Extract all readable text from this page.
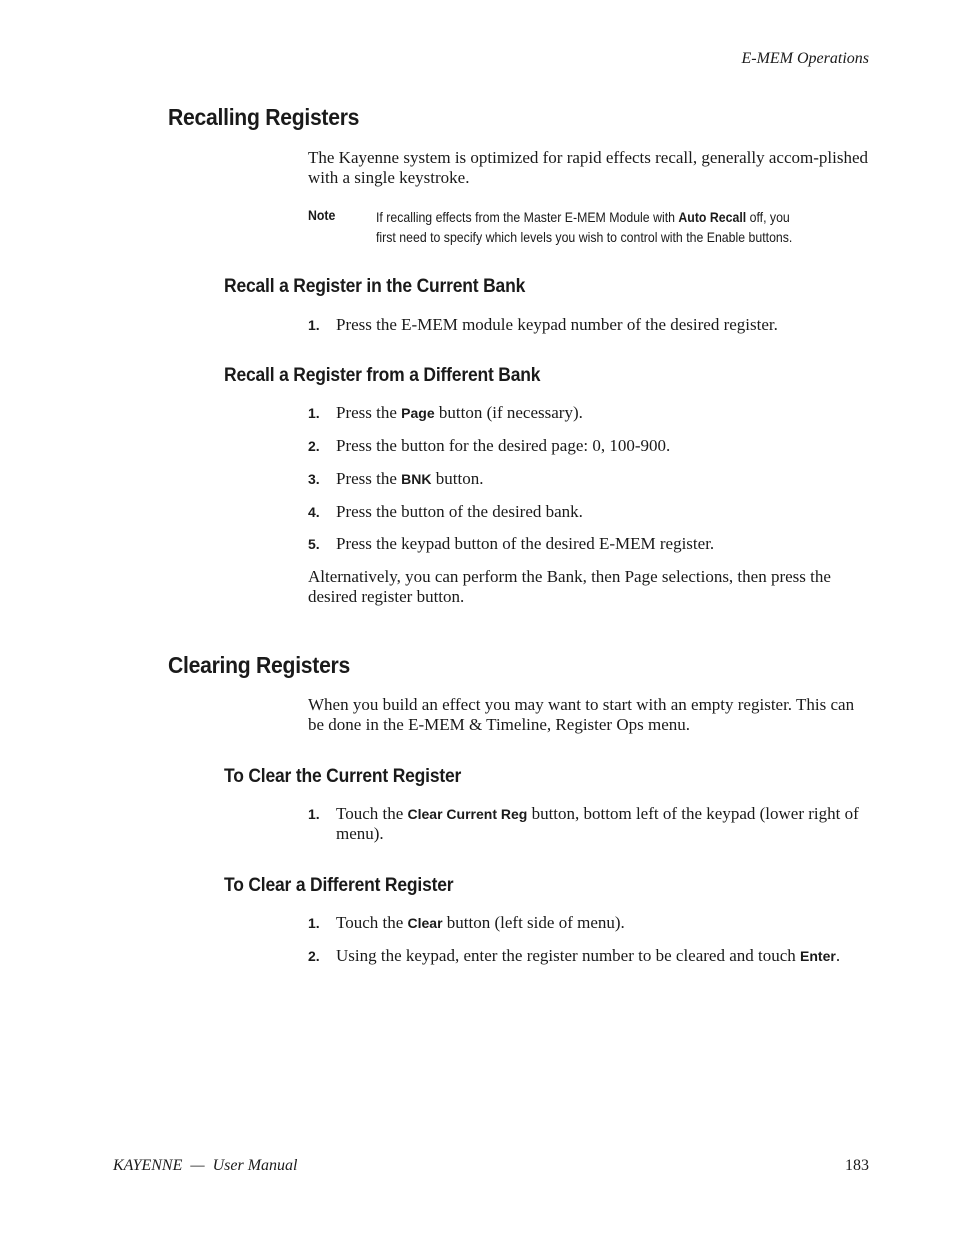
E-MEM Operations
Recalling Registers
The Kayenne system is optimized for rapid effects recall, generally accom-plished with a single keystroke.
Note	If recalling effects from the Master E-MEM Module with Auto Recall off, you first need to specify which levels you wish to control with the Enable buttons.
Recall a Register in the Current Bank
1. Press the E-MEM module keypad number of the desired register.
Recall a Register from a Different Bank
1. Press the Page button (if necessary).
2. Press the button for the desired page: 0, 100-900.
3. Press the BNK button.
4. Press the button of the desired bank.
5. Press the keypad button of the desired E-MEM register.
Alternatively, you can perform the Bank, then Page selections, then press the desired register button.
Clearing Registers
When you build an effect you may want to start with an empty register. This can be done in the E-MEM & Timeline, Register Ops menu.
To Clear the Current Register
1. Touch the Clear Current Reg button, bottom left of the keypad (lower right of menu).
To Clear a Different Register
1. Touch the Clear button (left side of menu).
2. Using the keypad, enter the register number to be cleared and touch Enter.
KAYENNE  —  User Manual	183
